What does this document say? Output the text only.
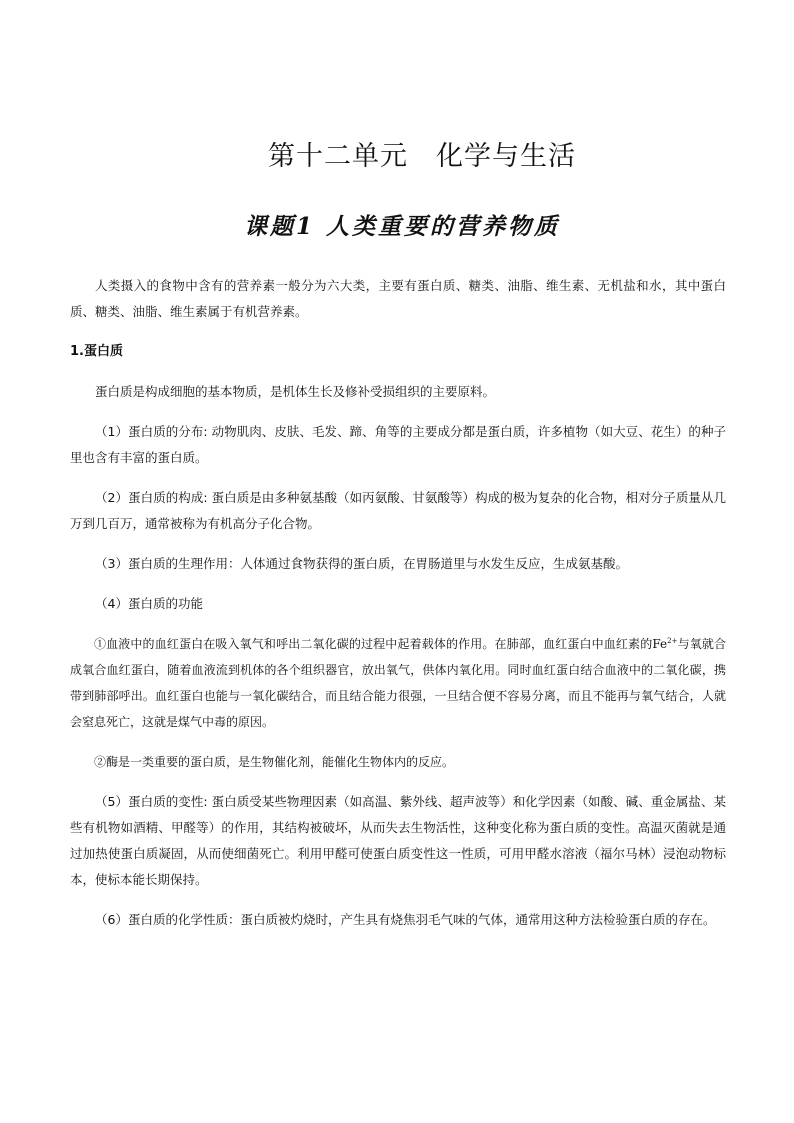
第十二单元　化学与生活
课题1 人类重要的营养物质

人类摄入的食物中含有的营养素一般分为六大类，主要有蛋白质、糖类、油脂、维生素、无机盐和水，其中蛋白质、糖类、油脂、维生素属于有机营养素。

1.蛋白质

蛋白质是构成细胞的基本物质，是机体生长及修补受损组织的主要原料。

（1）蛋白质的分布: 动物肌肉、皮肤、毛发、蹄、角等的主要成分都是蛋白质，许多植物（如大豆、花生）的种子里也含有丰富的蛋白质。

（2）蛋白质的构成: 蛋白质是由多种氨基酸（如丙氨酸、甘氨酸等）构成的极为复杂的化合物，相对分子质量从几万到几百万，通常被称为有机高分子化合物。

（3）蛋白质的生理作用：人体通过食物获得的蛋白质，在胃肠道里与水发生反应，生成氨基酸。

（4）蛋白质的功能

①血液中的血红蛋白在吸入氧气和呼出二氧化碳的过程中起着载体的作用。在肺部，血红蛋白中血红素的$Fe^{2+}$与氧就合成氧合血红蛋白，随着血液流到机体的各个组织器官，放出氧气，供体内氧化用。同时血红蛋白结合血液中的二氧化碳，携带到肺部呼出。血红蛋白也能与一氧化碳结合，而且结合能力很强，一旦结合便不容易分离，而且不能再与氧气结合，人就会窒息死亡，这就是煤气中毒的原因。

②酶是一类重要的蛋白质，是生物催化剂，能催化生物体内的反应。

（5）蛋白质的变性: 蛋白质受某些物理因素（如高温、紫外线、超声波等）和化学因素（如酸、碱、重金属盐、某些有机物如酒精、甲醛等）的作用，其结构被破坏，从而失去生物活性，这种变化称为蛋白质的变性。高温灭菌就是通过加热使蛋白质凝固，从而使细菌死亡。利用甲醛可使蛋白质变性这一性质，可用甲醛水溶液（福尔马林）浸泡动物标本，使标本能长期保持。

（6）蛋白质的化学性质：蛋白质被灼烧时，产生具有烧焦羽毛气味的气体，通常用这种方法检验蛋白质的存在。
